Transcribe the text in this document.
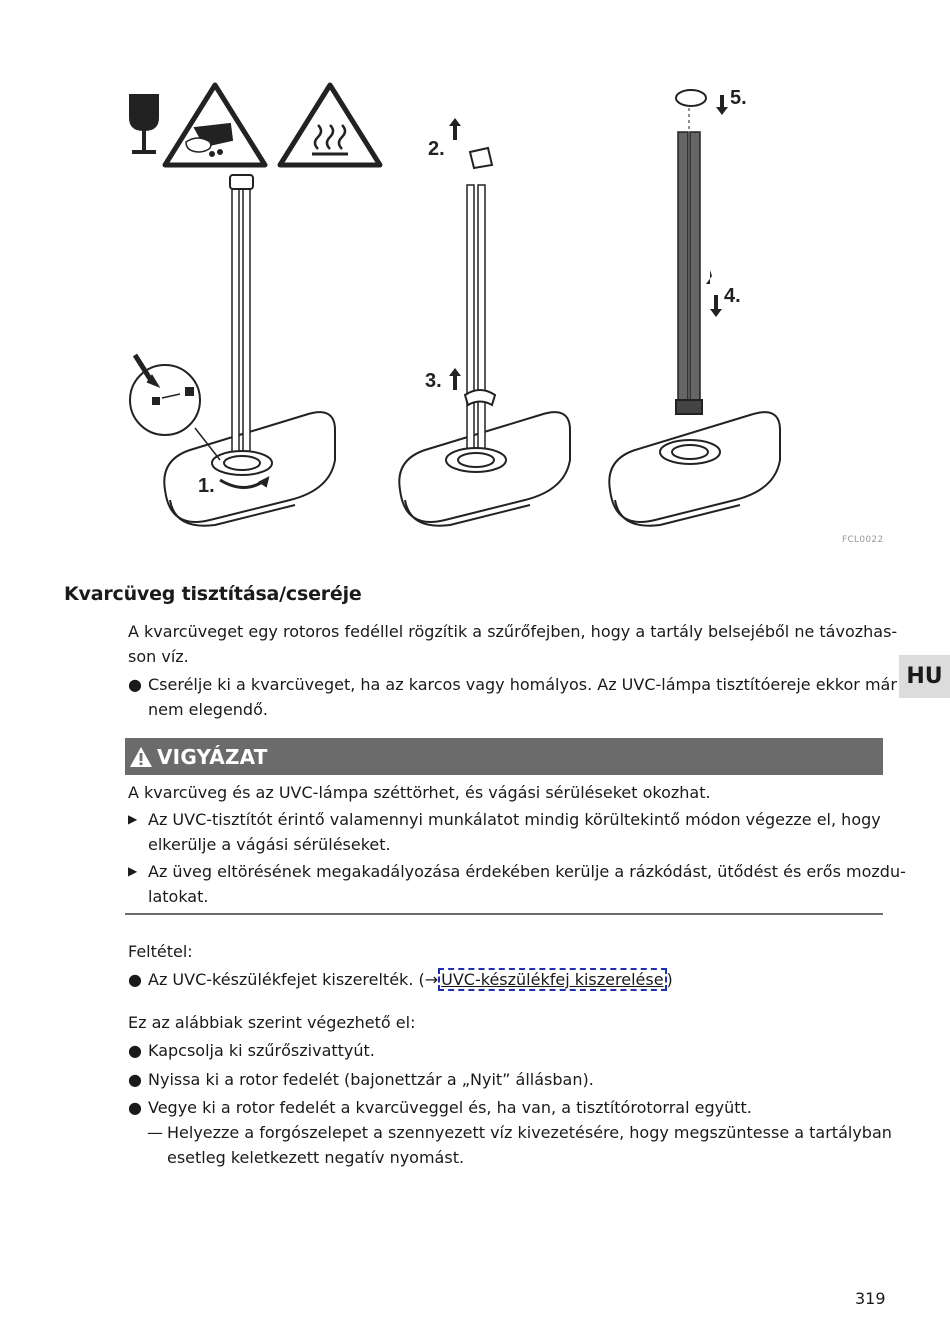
1.
2.
3.
5.
4.
FCL0022
HU
Kvarcüveg tisztítása/cseréje

A kvarcüveget egy rotoros fedéllel rögzítik a szűrőfejben, hogy a tartály belsejéből ne távozhas-

son víz.

● Cserélje ki a kvarcüveget, ha az karcos vagy homályos. Az UVC-lámpa tisztítóereje ekkor már
nem elegendő.
VIGYÁZAT

A kvarcüveg és az UVC-lámpa széttörhet, és vágási sérüléseket okozhat.

▶ Az UVC-tisztítót érintő valamennyi munkálatot mindig körültekintő módon végezze el, hogy
elkerülje a vágási sérüléseket.
▶ Az üveg eltörésének megakadályozása érdekében kerülje a rázkódást, ütődést és erős mozdu-
latokat.

Feltétel:

● Az UVC-készülékfejet kiszerelték. (→ UVC-készülékfej kiszerelése )

Ez az alábbiak szerint végezhető el:

● Kapcsolja ki szűrőszivattyút.
● Nyissa ki a rotor fedelét (bajonettzár a „Nyit” állásban).
● Vegye ki a rotor fedelét a kvarcüveggel és, ha van, a tisztítórotorral együtt.
— Helyezze a forgószelepet a szennyezett víz kivezetésére, hogy megszüntesse a tartályban
esetleg keletkezett negatív nyomást.
319
